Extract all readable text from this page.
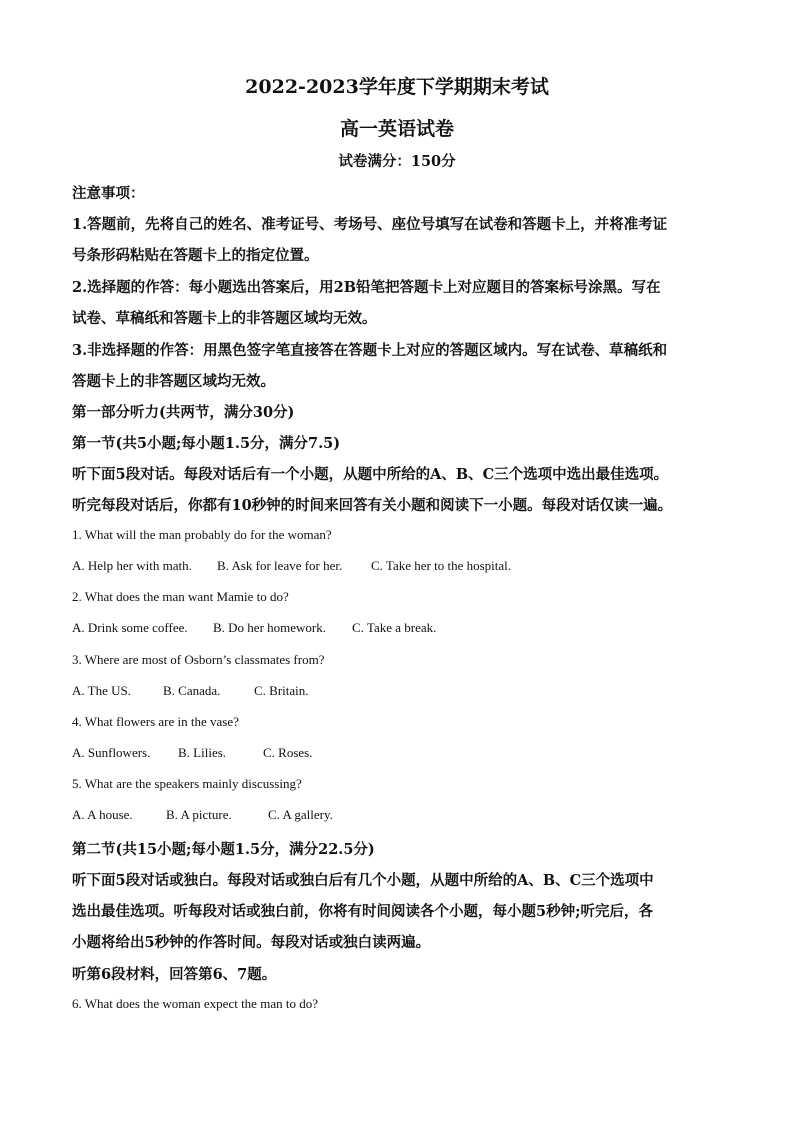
2022-2023学年度下学期期末考试
高一英语试卷
试卷满分：150分
注意事项：
1.答题前，先将自己的姓名、准考证号、考场号、座位号填写在试卷和答题卡上，并将准考证
号条形码粘贴在答题卡上的指定位置。
2.选择题的作答：每小题选出答案后，用2B铅笔把答题卡上对应题目的答案标号涂黑。写在
试卷、草稿纸和答题卡上的非答题区域均无效。
3.非选择题的作答：用黑色签字笔直接答在答题卡上对应的答题区域内。写在试卷、草稿纸和
答题卡上的非答题区域均无效。
第一部分听力(共两节，满分30分)
第一节(共5小题;每小题1.5分，满分7.5)
听下面5段对话。每段对话后有一个小题，从题中所给的A、B、C三个选项中选出最佳选项。
听完每段对话后，你都有10秒钟的时间来回答有关小题和阅读下一小题。每段对话仅读一遍。
1. What will the man probably do for the woman?
A. Help her with math. B. Ask for leave for her. C. Take her to the hospital.
2. What does the man want Mamie to do?
A. Drink some coffee. B. Do her homework. C. Take a break.
3. Where are most of Osborn’s classmates from?
A. The US. B. Canada.	C. Britain.
4. What flowers are in the vase?
A. Sunflowers. B. Lilies.	C. Roses.
5. What are the speakers mainly discussing?
A. A house.	B. A picture.	C. A gallery.
第二节(共15小题;每小题1.5分，满分22.5分)
听下面5段对话或独白。每段对话或独白后有几个小题，从题中所给的A、B、C三个选项中
选出最佳选项。听每段对话或独白前，你将有时间阅读各个小题，每小题5秒钟;听完后，各
小题将给出5秒钟的作答时间。每段对话或独白读两遍。
听第6段材料，回答第6、7题。
6. What does the woman expect the man to do?
